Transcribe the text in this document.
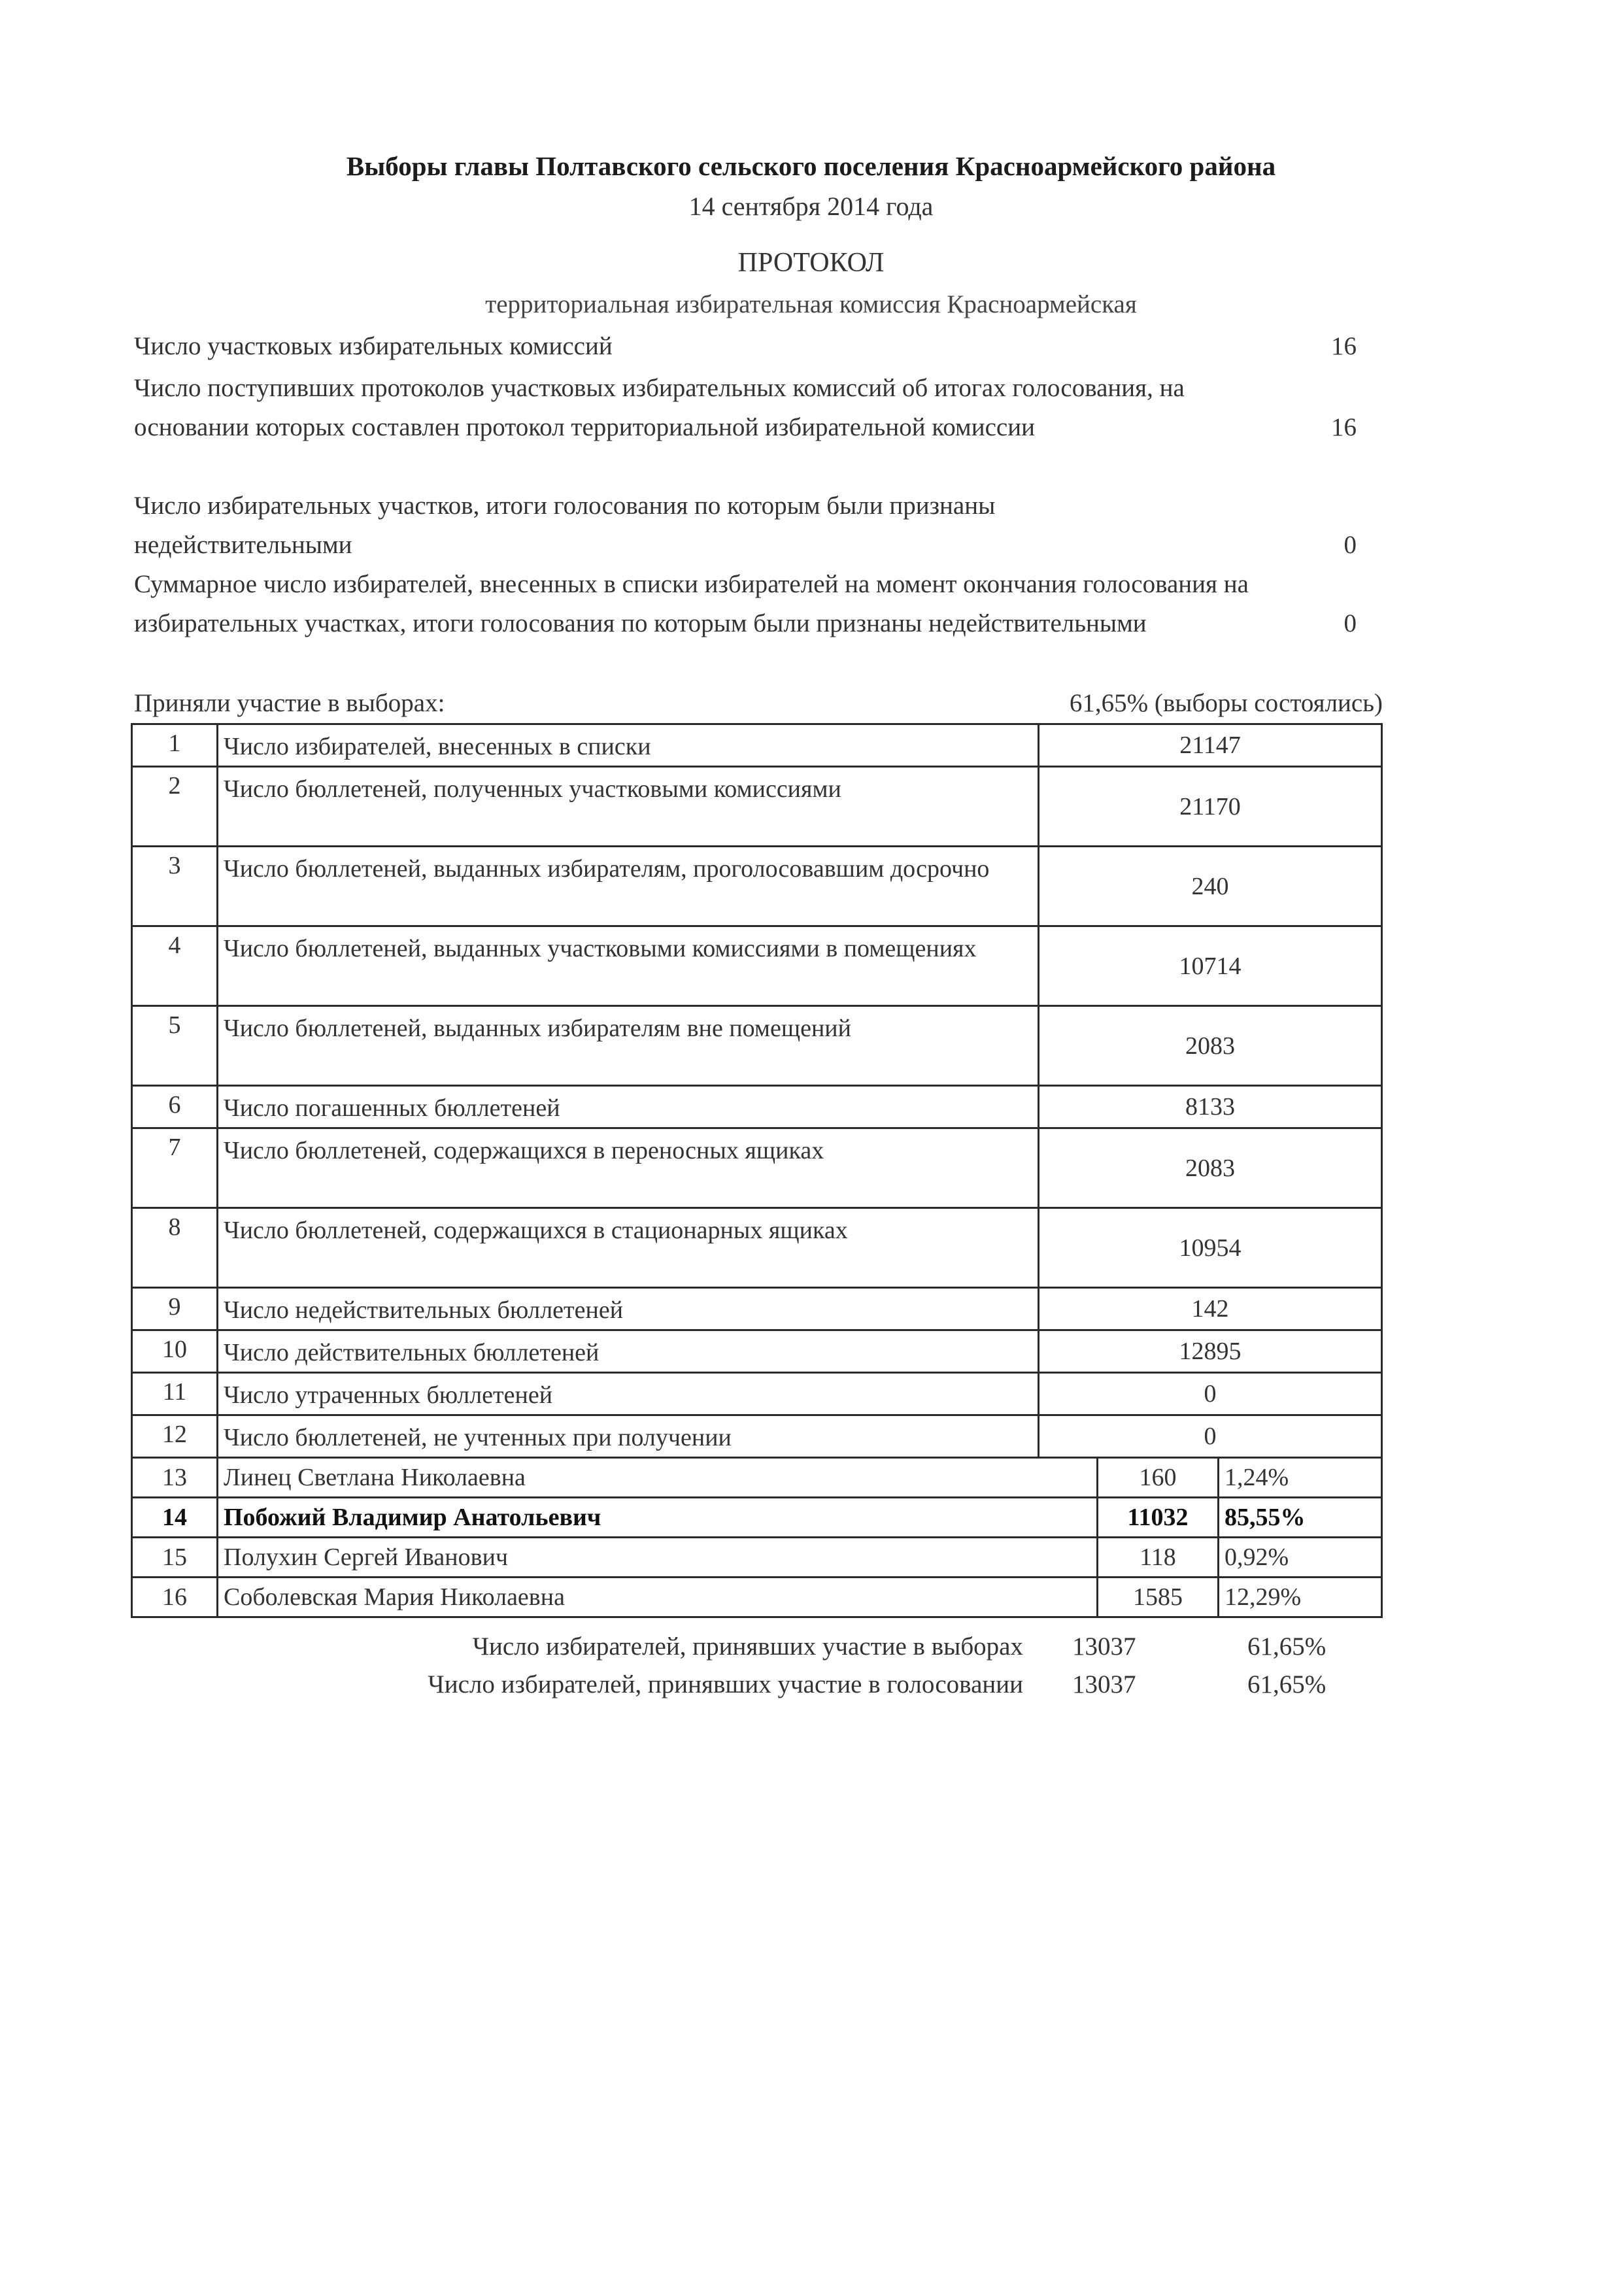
Выборы главы Полтавского сельского поселения Красноармейского района
14 сентября 2014 года
ПРОТОКОЛ
территориальная избирательная комиссия Красноармейская
Число участковых избирательных комиссий	16
Число поступивших протоколов участковых избирательных комиссий об итогах голосования, на основании которых составлен протокол территориальной избирательной комиссии	16
Число избирательных участков, итоги голосования по которым были признаны недействительными	0
Суммарное число избирателей, внесенных в списки избирателей на момент окончания голосования на избирательных участках, итоги голосования по которым были признаны недействительными	0
Приняли участие в выборах:	61,65% (выборы состоялись)
1	Число избирателей, внесенных в списки	21147
2	Число бюллетеней, полученных участковыми комиссиями	21170
3	Число бюллетеней, выданных избирателям, проголосовавшим досрочно	240
4	Число бюллетеней, выданных участковыми комиссиями в помещениях	10714
5	Число бюллетеней, выданных избирателям вне помещений	2083
6	Число погашенных бюллетеней	8133
7	Число бюллетеней, содержащихся в переносных ящиках	2083
8	Число бюллетеней, содержащихся в стационарных ящиках	10954
9	Число недействительных бюллетеней	142
10	Число действительных бюллетеней	12895
11	Число утраченных бюллетеней	0
12	Число бюллетеней, не учтенных при получении	0
13	Линец Светлана Николаевна	160	1,24%
14	Побожий Владимир Анатольевич	11032	85,55%
15	Полухин Сергей Иванович	118	0,92%
16	Соболевская Мария Николаевна	1585	12,29%
Число избирателей, принявших участие в выборах 13037	61,65%
Число избирателей, принявших участие в голосовании 13037	61,65%
